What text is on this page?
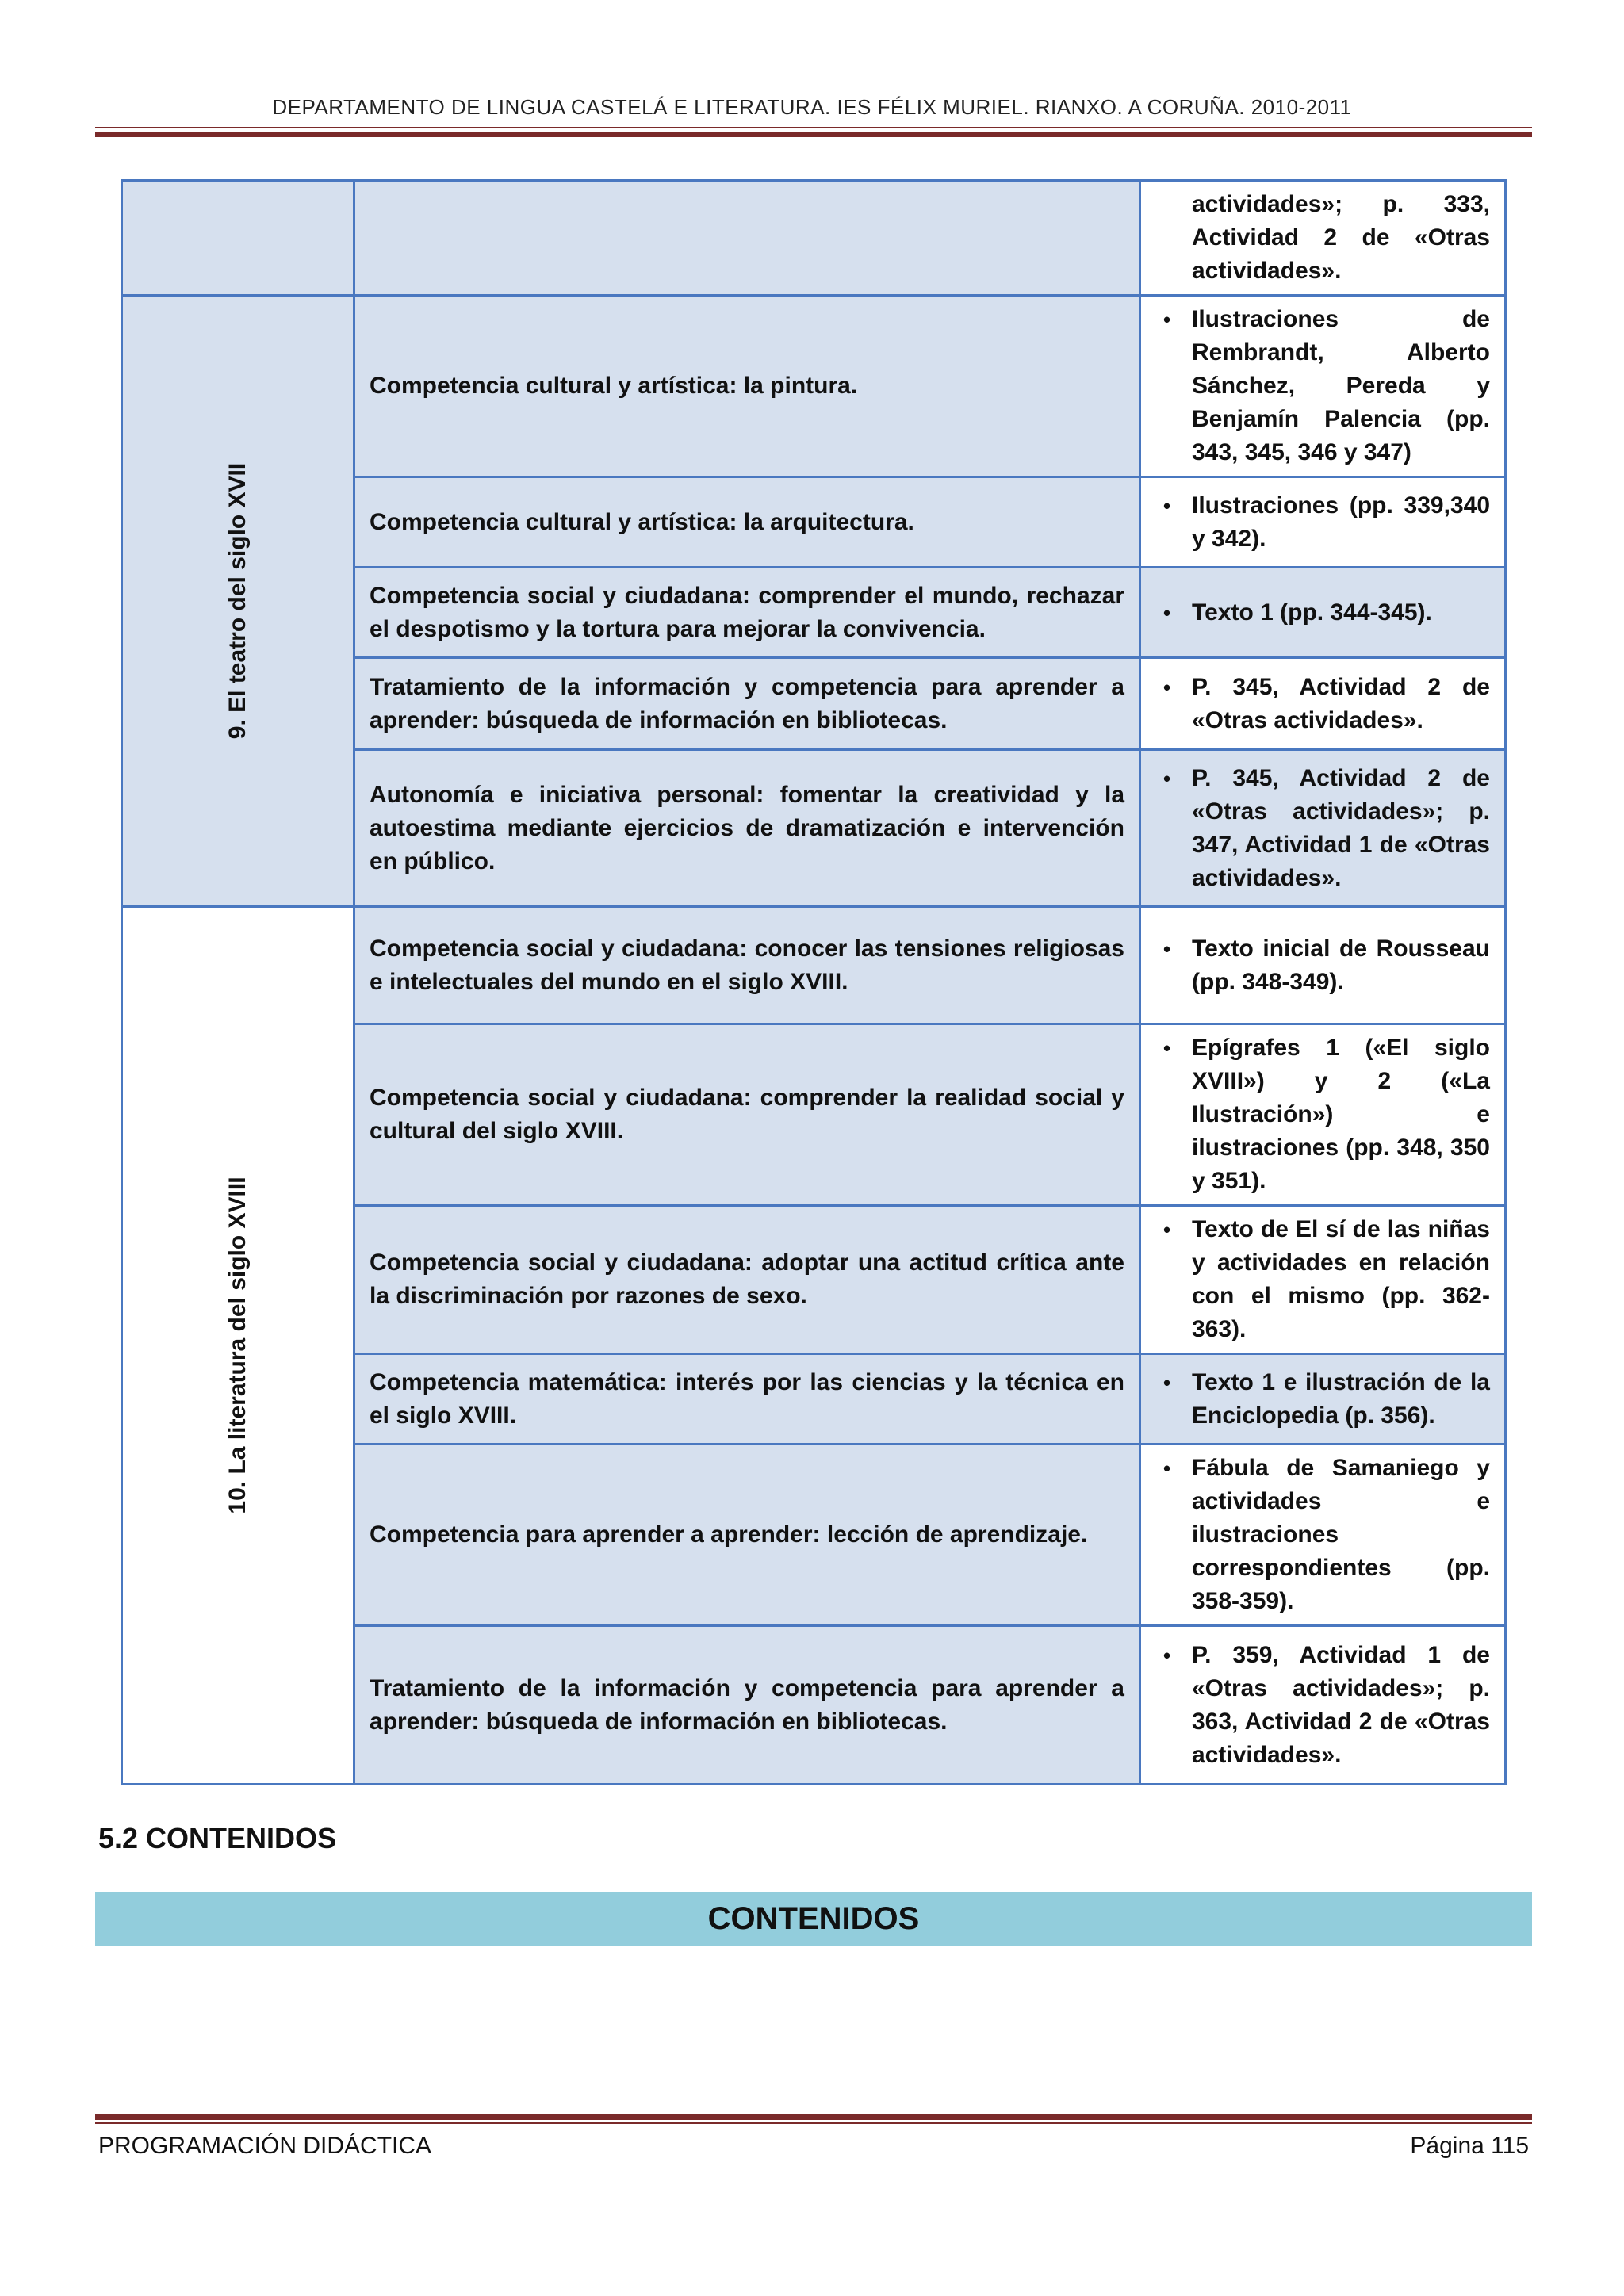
DEPARTAMENTO DE LINGUA CASTELÁ E LITERATURA. IES FÉLIX MURIEL. RIANXO. A CORUÑA. 2010-2011

		actividades»; p. 333, Actividad 2 de «Otras actividades».

9. El teatro del siglo XVII	Competencia cultural y artística: la pintura.	• Ilustraciones de Rembrandt, Alberto Sánchez, Pereda y Benjamín Palencia (pp. 343, 345, 346 y 347)

	Competencia cultural y artística: la arquitectura.	• Ilustraciones (pp. 339,340 y 342).

	Competencia social y ciudadana: comprender el mundo, rechazar el despotismo y la tortura para mejorar la convivencia.	• Texto 1 (pp. 344-345).

	Tratamiento de la información y competencia para aprender a aprender: búsqueda de información en bibliotecas.	• P. 345, Actividad 2 de «Otras actividades».

	Autonomía e iniciativa personal: fomentar la creatividad y la autoestima mediante ejercicios de dramatización e intervención en público.	• P. 345, Actividad 2 de «Otras actividades»; p. 347, Actividad 1 de «Otras actividades».

10. La literatura del siglo XVIII	Competencia social y ciudadana: conocer las tensiones religiosas e intelectuales del mundo en el siglo XVIII.	• Texto inicial de Rousseau (pp. 348-349).

	Competencia social y ciudadana: comprender la realidad social y cultural del siglo XVIII.	• Epígrafes 1 («El siglo XVIII») y 2 («La Ilustración») e ilustraciones (pp. 348, 350 y 351).

	Competencia social y ciudadana: adoptar una actitud crítica ante la discriminación por razones de sexo.	• Texto de El sí de las niñas y actividades en relación con el mismo (pp. 362-363).

	Competencia matemática: interés por las ciencias y la técnica en el siglo XVIII.	• Texto 1 e ilustración de la Enciclopedia (p. 356).

	Competencia para aprender a aprender: lección de aprendizaje.	• Fábula de Samaniego y actividades e ilustraciones correspondientes (pp. 358-359).

	Tratamiento de la información y competencia para aprender a aprender: búsqueda de información en bibliotecas.	• P. 359, Actividad 1 de «Otras actividades»; p. 363, Actividad 2 de «Otras actividades».
5.2 CONTENIDOS
CONTENIDOS
PROGRAMACIÓN DIDÁCTICA	Página 115
